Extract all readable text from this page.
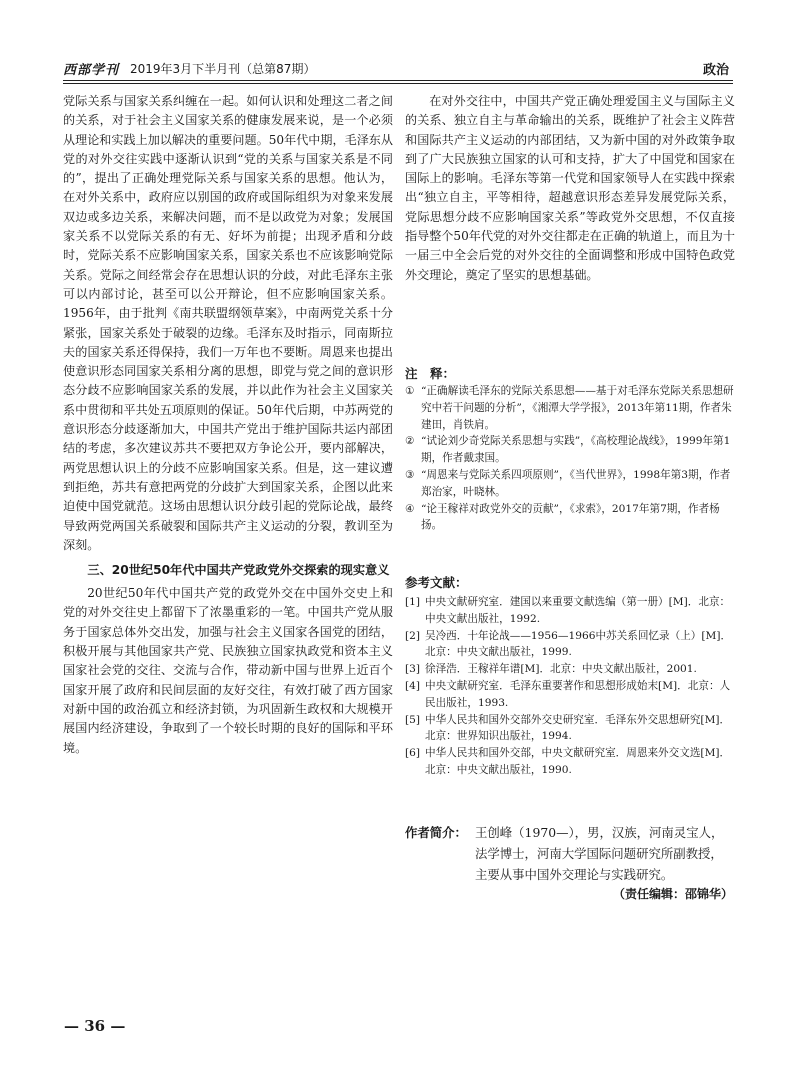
西部学刊 2019年3月下半月刊（总第87期）	政治

党际关系与国家关系纠缠在一起。如何认识和处理这二者之间的关系，对于社会主义国家关系的健康发展来说，是一个必须从理论和实践上加以解决的重要问题。50年代中期，毛泽东从党的对外交往实践中逐渐认识到“党的关系与国家关系是不同的”，提出了正确处理党际关系与国家关系的思想。他认为，在对外关系中，政府应以别国的政府或国际组织为对象来发展双边或多边关系，来解决问题，而不是以政党为对象；发展国家关系不以党际关系的有无、好坏为前提；出现矛盾和分歧时，党际关系不应影响国家关系，国家关系也不应该影响党际关系。党际之间经常会存在思想认识的分歧，对此毛泽东主张可以内部讨论，甚至可以公开辩论，但不应影响国家关系。1956年，由于批判《南共联盟纲领草案》，中南两党关系十分紧张，国家关系处于破裂的边缘。毛泽东及时指示，同南斯拉夫的国家关系还得保持，我们一万年也不要断。周恩来也提出使意识形态同国家关系相分离的思想，即党与党之间的意识形态分歧不应影响国家关系的发展，并以此作为社会主义国家关系中贯彻和平共处五项原则的保证。50年代后期，中苏两党的意识形态分歧逐渐加大，中国共产党出于维护国际共运内部团结的考虑，多次建议苏共不要把双方争论公开，要内部解决，两党思想认识上的分歧不应影响国家关系。但是，这一建议遭到拒绝，苏共有意把两党的分歧扩大到国家关系，企图以此来迫使中国党就范。这场由思想认识分歧引起的党际论战，最终导致两党两国关系破裂和国际共产主义运动的分裂，教训至为深刻。

三、20世纪50年代中国共产党政党外交探索的现实意义

20世纪50年代中国共产党的政党外交在中国外交史上和党的对外交往史上都留下了浓墨重彩的一笔。中国共产党从服务于国家总体外交出发，加强与社会主义国家各国党的团结，积极开展与其他国家共产党、民族独立国家执政党和资本主义国家社会党的交往、交流与合作，带动新中国与世界上近百个国家开展了政府和民间层面的友好交往，有效打破了西方国家对新中国的政治孤立和经济封锁，为巩固新生政权和大规模开展国内经济建设，争取到了一个较长时期的良好的国际和平环境。

在对外交往中，中国共产党正确处理爱国主义与国际主义的关系、独立自主与革命输出的关系，既维护了社会主义阵营和国际共产主义运动的内部团结，又为新中国的对外政策争取到了广大民族独立国家的认可和支持，扩大了中国党和国家在国际上的影响。毛泽东等第一代党和国家领导人在实践中探索出“独立自主，平等相待，超越意识形态差异发展党际关系，党际思想分歧不应影响国家关系”等政党外交思想，不仅直接指导整个50年代党的对外交往都走在正确的轨道上，而且为十一届三中全会后党的对外交往的全面调整和形成中国特色政党外交理论，奠定了坚实的思想基础。

注　释：
① “正确解读毛泽东的党际关系思想——基于对毛泽东党际关系思想研究中若干问题的分析”，《湘潭大学学报》，2013年第11期，作者朱建田，肖铁肩。
② “试论刘少奇党际关系思想与实践”，《高校理论战线》，1999年第1期，作者戴隶国。
③ “周恩来与党际关系四项原则”，《当代世界》，1998年第3期，作者郑治家，叶晓林。
④ “论王稼祥对政党外交的贡献”，《求索》，2017年第7期，作者杨扬。
参考文献：
[1] 中央文献研究室．建国以来重要文献选编（第一册）[M]．北京：中央文献出版社，1992.
[2] 吴冷西．十年论战——1956—1966中苏关系回忆录（上）[M]．北京：中央文献出版社，1999.
[3] 徐泽浩．王稼祥年谱[M]．北京：中央文献出版社，2001.
[4] 中央文献研究室．毛泽东重要著作和思想形成始末[M]．北京：人民出版社，1993.
[5] 中华人民共和国外交部外交史研究室．毛泽东外交思想研究[M]．北京：世界知识出版社，1994.
[6] 中华人民共和国外交部，中央文献研究室．周恩来外交文选[M]．北京：中央文献出版社，1990.
作者简介： 王创峰（1970—），男，汉族，河南灵宝人，法学博士，河南大学国际问题研究所副教授，主要从事中国外交理论与实践研究。
（责任编辑：邵锦华）
— 36 —
